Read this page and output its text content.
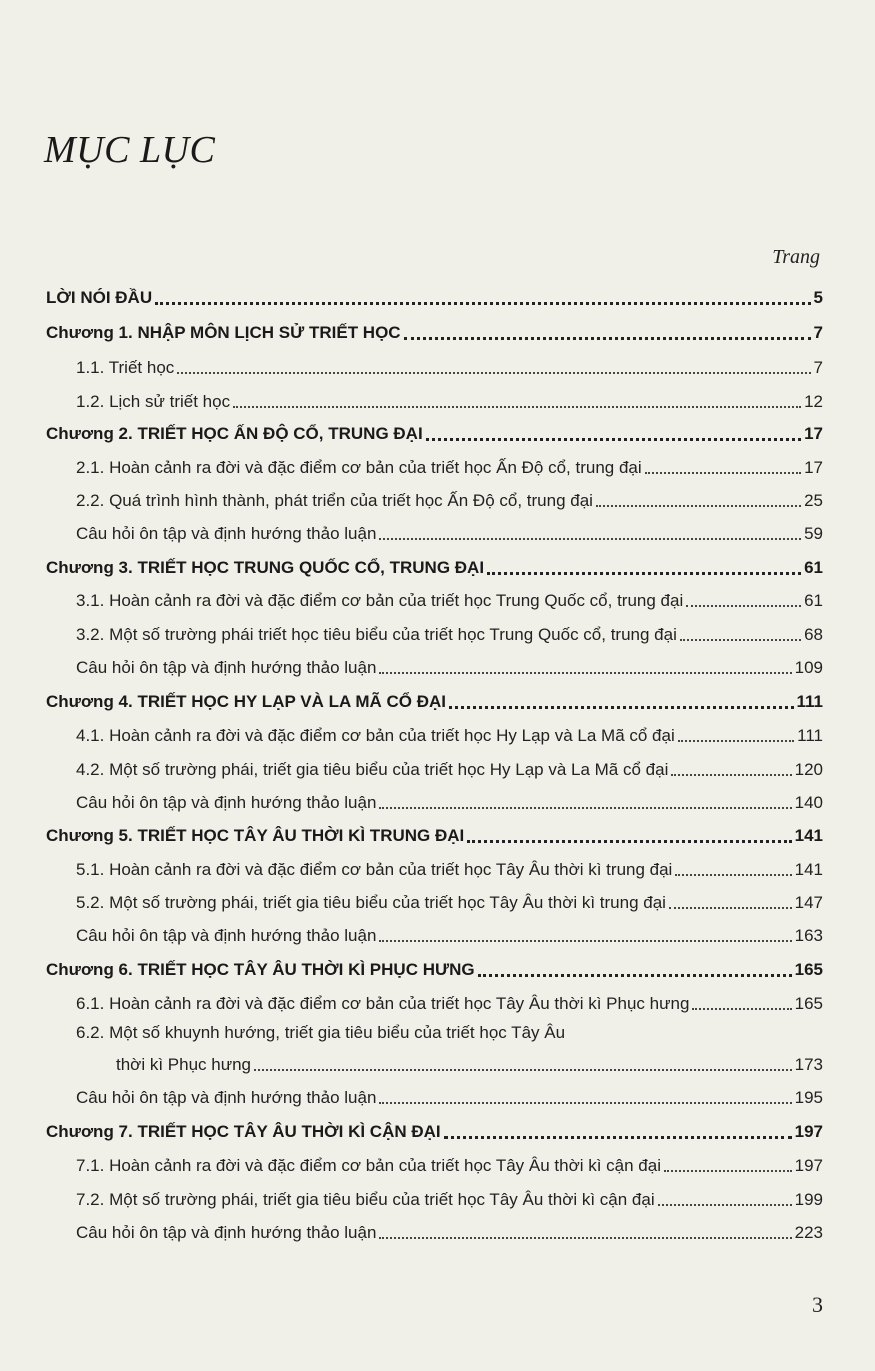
MỤC LỤC
Trang
LỜI NÓI ĐẦU	5
Chương 1. NHẬP MÔN LỊCH SỬ TRIẾT HỌC	7
1.1. Triết học	7
1.2. Lịch sử triết học	12
Chương 2. TRIẾT HỌC ẤN ĐỘ CỔ, TRUNG ĐẠI	17
2.1. Hoàn cảnh ra đời và đặc điểm cơ bản của triết học Ấn Độ cổ, trung đại	17
2.2. Quá trình hình thành, phát triển của triết học Ấn Độ cổ, trung đại	25
Câu hỏi ôn tập và định hướng thảo luận	59
Chương 3. TRIẾT HỌC TRUNG QUỐC CỔ, TRUNG ĐẠI	61
3.1. Hoàn cảnh ra đời và đặc điểm cơ bản của triết học Trung Quốc cổ, trung đại	61
3.2. Một số trường phái triết học tiêu biểu của triết học Trung Quốc cổ, trung đại	68
Câu hỏi ôn tập và định hướng thảo luận	109
Chương 4. TRIẾT HỌC HY LẠP VÀ LA MÃ CỔ ĐẠI	111
4.1. Hoàn cảnh ra đời và đặc điểm cơ bản của triết học Hy Lạp và La Mã cổ đại	111
4.2. Một số trường phái, triết gia tiêu biểu của triết học Hy Lạp và La Mã cổ đại	120
Câu hỏi ôn tập và định hướng thảo luận	140
Chương 5. TRIẾT HỌC TÂY ÂU THỜI KÌ TRUNG ĐẠI	141
5.1. Hoàn cảnh ra đời và đặc điểm cơ bản của triết học Tây Âu thời kì trung đại	141
5.2. Một số trường phái, triết gia tiêu biểu của triết học Tây Âu thời kì trung đại	147
Câu hỏi ôn tập và định hướng thảo luận	163
Chương 6. TRIẾT HỌC TÂY ÂU THỜI KÌ PHỤC HƯNG	165
6.1. Hoàn cảnh ra đời và đặc điểm cơ bản của triết học Tây Âu thời kì Phục hưng	165
6.2. Một số khuynh hướng, triết gia tiêu biểu của triết học Tây Âu
thời kì Phục hưng	173
Câu hỏi ôn tập và định hướng thảo luận	195
Chương 7. TRIẾT HỌC TÂY ÂU THỜI KÌ CẬN ĐẠI	197
7.1. Hoàn cảnh ra đời và đặc điểm cơ bản của triết học Tây Âu thời kì cận đại	197
7.2. Một số trường phái, triết gia tiêu biểu của triết học Tây Âu thời kì cận đại	199
Câu hỏi ôn tập và định hướng thảo luận	223
3
